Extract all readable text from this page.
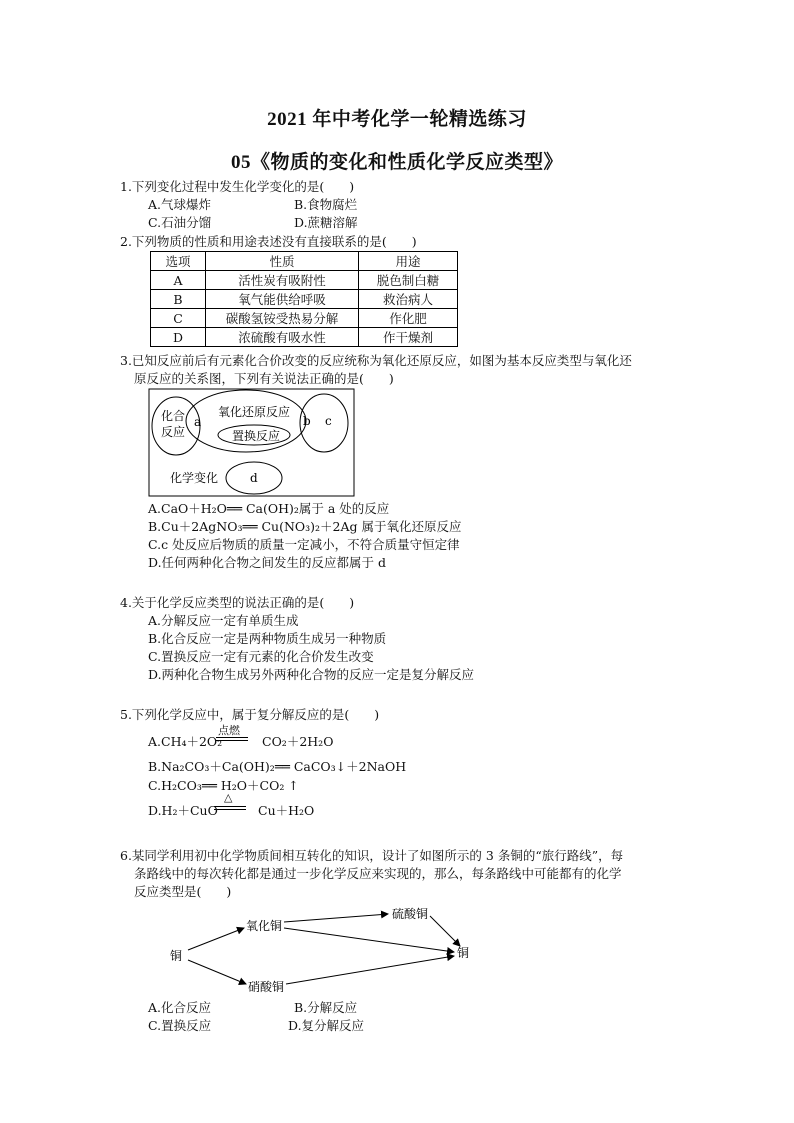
2021 年中考化学一轮精选练习
05《物质的变化和性质化学反应类型》
1.下列变化过程中发生化学变化的是(　　)
A.气球爆炸	B.食物腐烂
C.石油分馏	D.蔗糖溶解
2.下列物质的性质和用途表述没有直接联系的是(　　)
选项	性质	用途
A	活性炭有吸附性	脱色制白糖
B	氧气能供给呼吸	救治病人
C	碳酸氢铵受热易分解	作化肥
D	浓硫酸有吸水性	作干燥剂
3.已知反应前后有元素化合价改变的反应统称为氧化还原反应，如图为基本反应类型与氧化还
原反应的关系图，下列有关说法正确的是(　　)
化合
反应
a
氧化还原反应
置换反应
b c
化学变化	d
A.CaO＋H₂O══ Ca(OH)₂属于 a 处的反应
B.Cu＋2AgNO₃══ Cu(NO₃)₂＋2Ag 属于氧化还原反应
C.c 处反应后物质的质量一定减小，不符合质量守恒定律
D.任何两种化合物之间发生的反应都属于 d
4.关于化学反应类型的说法正确的是(　　)
A.分解反应一定有单质生成
B.化合反应一定是两种物质生成另一种物质
C.置换反应一定有元素的化合价发生改变
D.两种化合物生成另外两种化合物的反应一定是复分解反应
5.下列化学反应中，属于复分解反应的是(　　)
点燃
A.CH₄＋2O₂	CO₂＋2H₂O
B.Na₂CO₃＋Ca(OH)₂══ CaCO₃↓＋2NaOH
C.H₂CO₃══ H₂O＋CO₂ ↑
△
D.H₂＋CuO	Cu＋H₂O
6.某同学利用初中化学物质间相互转化的知识，设计了如图所示的 3 条铜的“旅行路线”，每
条路线中的每次转化都是通过一步化学反应来实现的，那么，每条路线中可能都有的化学
反应类型是(　　)
铜
氧化铜
硫酸铜
硝酸铜
铜
A.化合反应	B.分解反应
C.置换反应	D.复分解反应
